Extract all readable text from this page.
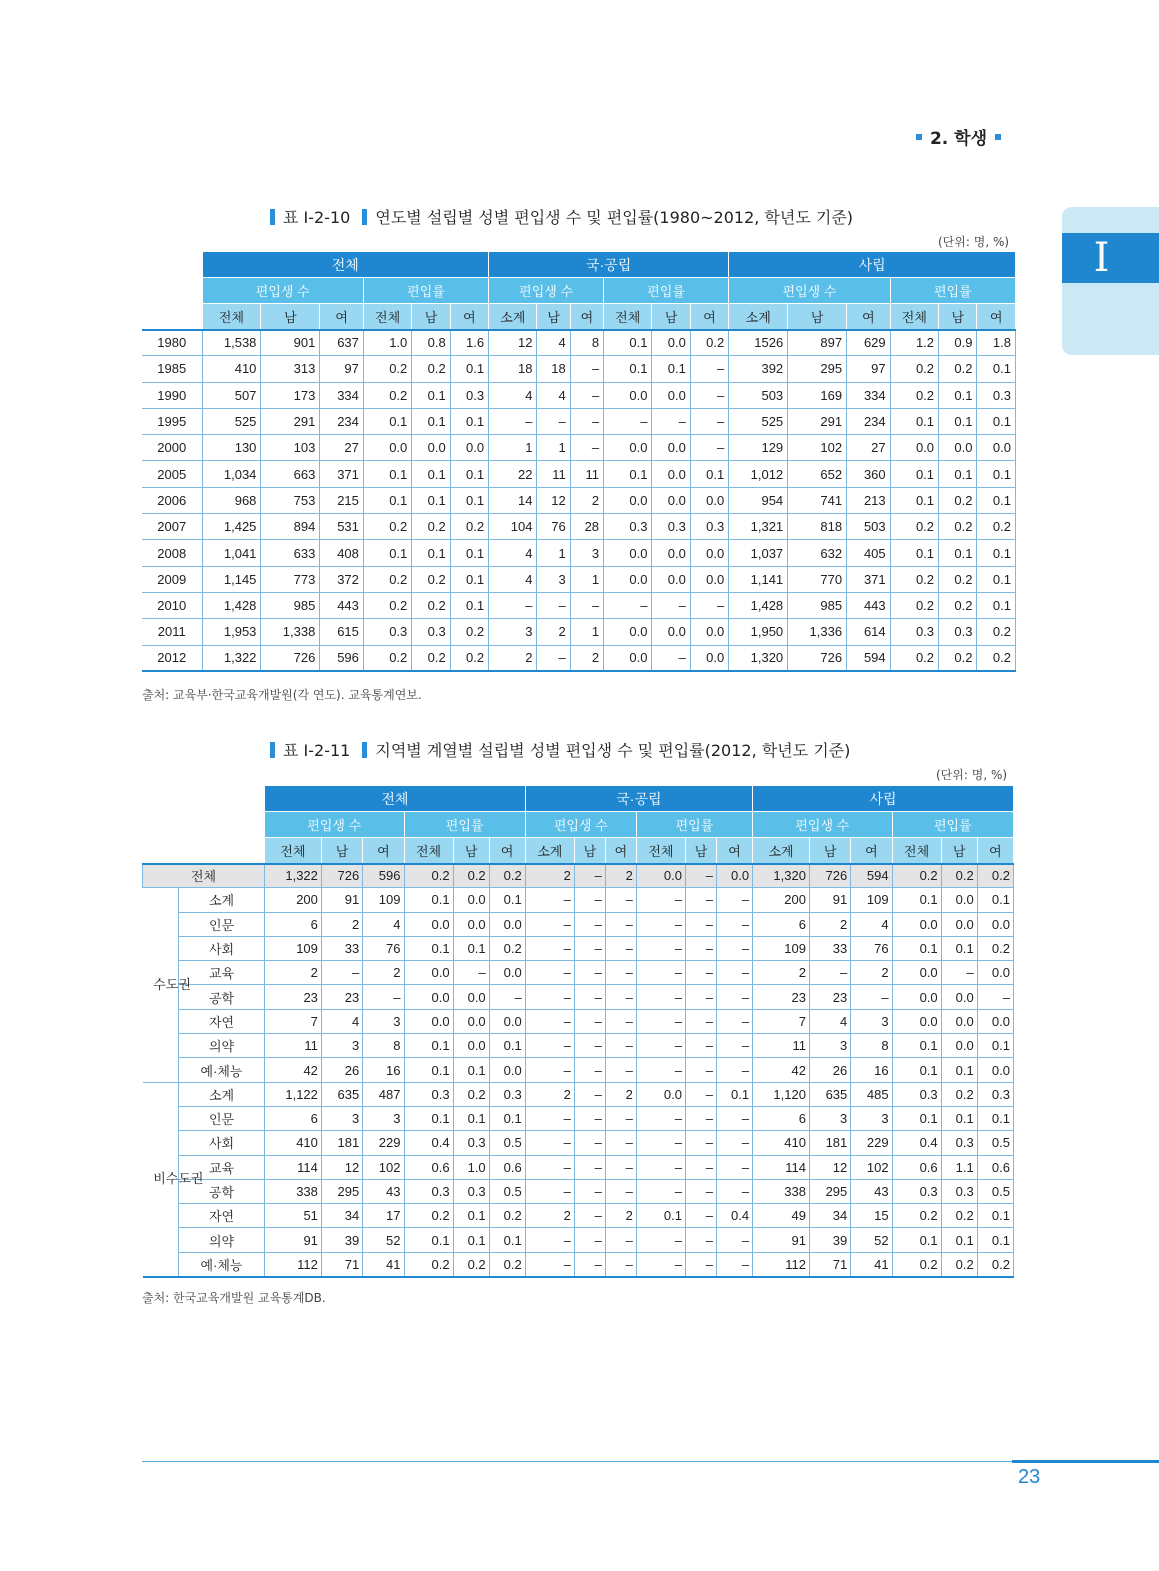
2. 학생
I
표 Ⅰ-2-10 연도별 설립별 성별 편입생 수 및 편입률(1980~2012, 학년도 기준)
(단위: 명, %)
	전체						국·공립						사립					
	편입생 수			편입률			편입생 수			편입률			편입생 수			편입률		
	전체	남	여	전체	남	여	소계	남	여	전체	남	여	소계	남	여	전체	남	여
1980	1,538	901	637	1.0	0.8	1.6	12	4	8	0.1	0.0	0.2	1526	897	629	1.2	0.9	1.8
1985	410	313	97	0.2	0.2	0.1	18	18	–	0.1	0.1	–	392	295	97	0.2	0.2	0.1
1990	507	173	334	0.2	0.1	0.3	4	4	–	0.0	0.0	–	503	169	334	0.2	0.1	0.3
1995	525	291	234	0.1	0.1	0.1	–	–	–	–	–	–	525	291	234	0.1	0.1	0.1
2000	130	103	27	0.0	0.0	0.0	1	1	–	0.0	0.0	–	129	102	27	0.0	0.0	0.0
2005	1,034	663	371	0.1	0.1	0.1	22	11	11	0.1	0.0	0.1	1,012	652	360	0.1	0.1	0.1
2006	968	753	215	0.1	0.1	0.1	14	12	2	0.0	0.0	0.0	954	741	213	0.1	0.2	0.1
2007	1,425	894	531	0.2	0.2	0.2	104	76	28	0.3	0.3	0.3	1,321	818	503	0.2	0.2	0.2
2008	1,041	633	408	0.1	0.1	0.1	4	1	3	0.0	0.0	0.0	1,037	632	405	0.1	0.1	0.1
2009	1,145	773	372	0.2	0.2	0.1	4	3	1	0.0	0.0	0.0	1,141	770	371	0.2	0.2	0.1
2010	1,428	985	443	0.2	0.2	0.1	–	–	–	–	–	–	1,428	985	443	0.2	0.2	0.1
2011	1,953	1,338	615	0.3	0.3	0.2	3	2	1	0.0	0.0	0.0	1,950	1,336	614	0.3	0.3	0.2
2012	1,322	726	596	0.2	0.2	0.2	2	–	2	0.0	–	0.0	1,320	726	594	0.2	0.2	0.2
출처: 교육부·한국교육개발원(각 연도). 교육통계연보.
표 Ⅰ-2-11 지역별 계열별 설립별 성별 편입생 수 및 편입률(2012, 학년도 기준)
(단위: 명, %)
		전체						국·공립						사립					
		편입생 수			편입률			편입생 수			편입률			편입생 수			편입률		
		전체	남	여	전체	남	여	소계	남	여	전체	남	여	소계	남	여	전체	남	여
전체		1,322	726	596	0.2	0.2	0.2	2	–	2	0.0	–	0.0	1,320	726	594	0.2	0.2	0.2

수도권	소계	200	91	109	0.1	0.0	0.1	–	–	–	–	–	–	200	91	109	0.1	0.0	0.1
	인문	6	2	4	0.0	0.0	0.0	–	–	–	–	–	–	6	2	4	0.0	0.0	0.0
	사회	109	33	76	0.1	0.1	0.2	–	–	–	–	–	–	109	33	76	0.1	0.1	0.2
	교육	2	–	2	0.0	–	0.0	–	–	–	–	–	–	2	–	2	0.0	–	0.0
	공학	23	23	–	0.0	0.0	–	–	–	–	–	–	–	23	23	–	0.0	0.0	–
	자연	7	4	3	0.0	0.0	0.0	–	–	–	–	–	–	7	4	3	0.0	0.0	0.0
	의약	11	3	8	0.1	0.0	0.1	–	–	–	–	–	–	11	3	8	0.1	0.0	0.1
	예·체능	42	26	16	0.1	0.1	0.0	–	–	–	–	–	–	42	26	16	0.1	0.1	0.0

비수도권	소계	1,122	635	487	0.3	0.2	0.3	2	–	2	0.0	–	0.1	1,120	635	485	0.3	0.2	0.3
	인문	6	3	3	0.1	0.1	0.1	–	–	–	–	–	–	6	3	3	0.1	0.1	0.1
	사회	410	181	229	0.4	0.3	0.5	–	–	–	–	–	–	410	181	229	0.4	0.3	0.5
	교육	114	12	102	0.6	1.0	0.6	–	–	–	–	–	–	114	12	102	0.6	1.1	0.6
	공학	338	295	43	0.3	0.3	0.5	–	–	–	–	–	–	338	295	43	0.3	0.3	0.5
	자연	51	34	17	0.2	0.1	0.2	2	–	2	0.1	–	0.4	49	34	15	0.2	0.2	0.1
	의약	91	39	52	0.1	0.1	0.1	–	–	–	–	–	–	91	39	52	0.1	0.1	0.1
	예·체능	112	71	41	0.2	0.2	0.2	–	–	–	–	–	–	112	71	41	0.2	0.2	0.2
출처: 한국교육개발원 교육통계DB.
23
